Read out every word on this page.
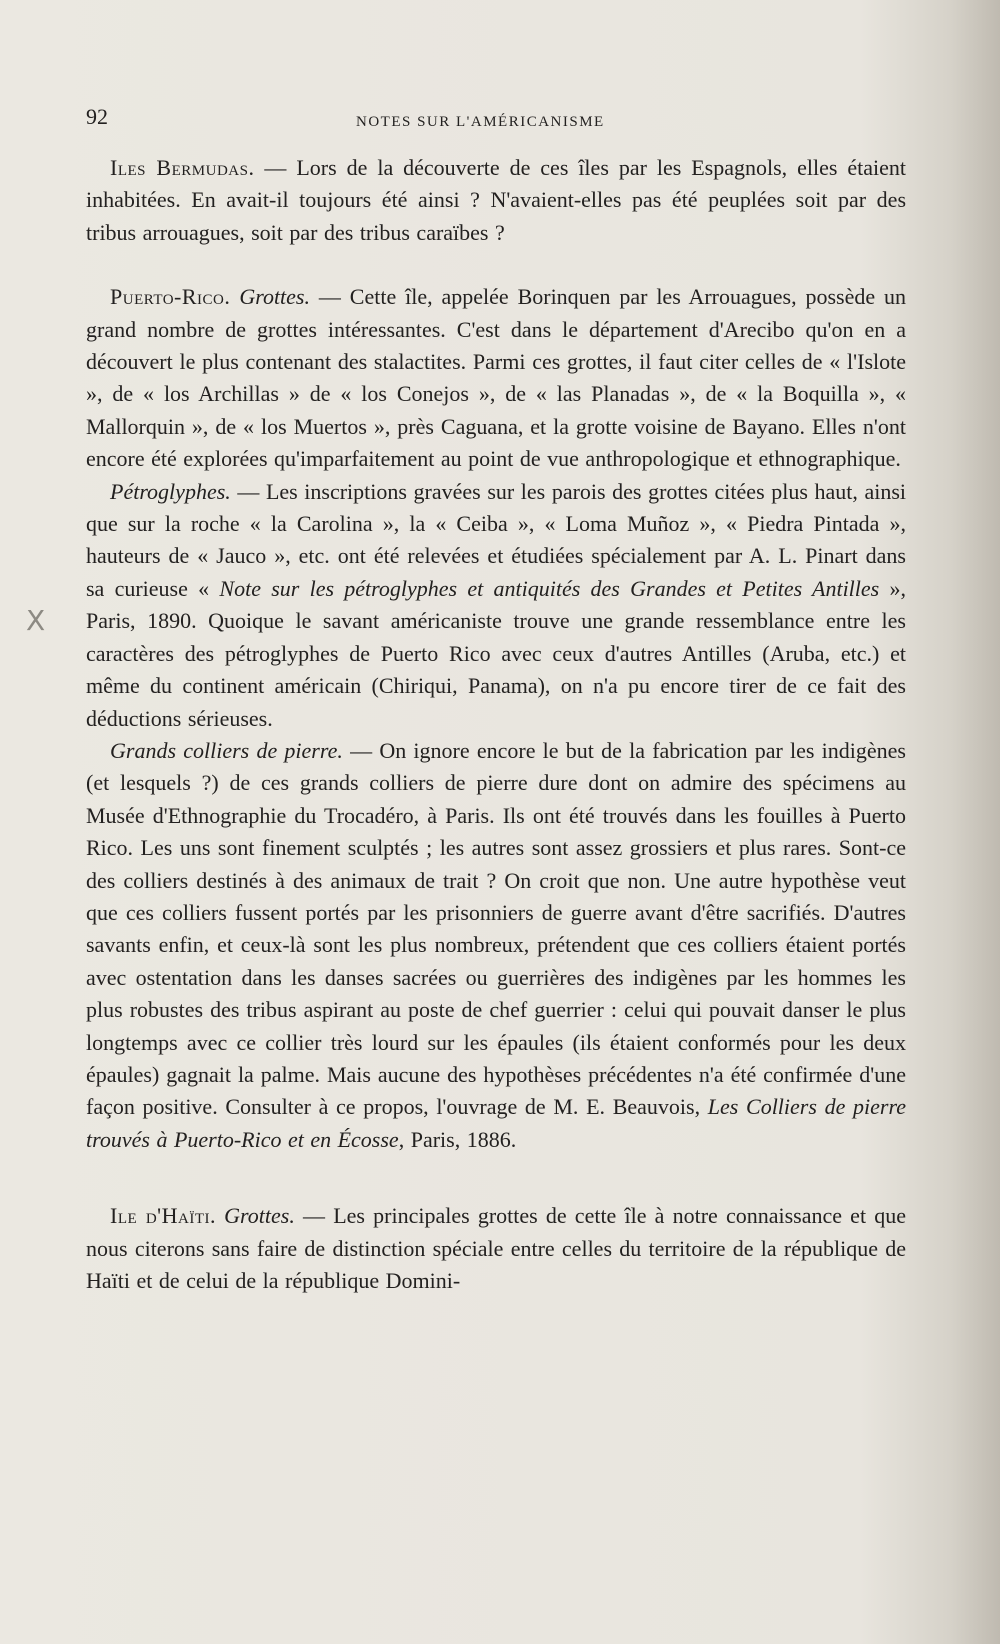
92	NOTES SUR L'AMÉRICANISME
X

Iles Bermudas. — Lors de la découverte de ces îles par les Espagnols, elles étaient inhabitées. En avait-il toujours été ainsi ? N'avaient-elles pas été peuplées soit par des tribus arrouagues, soit par des tribus caraïbes ?

Puerto-Rico. Grottes. — Cette île, appelée Borinquen par les Arrouagues, possède un grand nombre de grottes intéressantes. C'est dans le département d'Arecibo qu'on en a découvert le plus contenant des stalactites. Parmi ces grottes, il faut citer celles de « l'Islote », de « los Archillas » de « los Conejos », de « las Planadas », de « la Boquilla », « Mallorquin », de « los Muertos », près Caguana, et la grotte voisine de Bayano. Elles n'ont encore été explorées qu'imparfaitement au point de vue anthropologique et ethnographique.

Pétroglyphes. — Les inscriptions gravées sur les parois des grottes citées plus haut, ainsi que sur la roche « la Carolina », la « Ceiba », « Loma Muñoz », « Piedra Pintada », hauteurs de « Jauco », etc. ont été relevées et étudiées spécialement par A. L. Pinart dans sa curieuse « Note sur les pétroglyphes et antiquités des Grandes et Petites Antilles », Paris, 1890. Quoique le savant américaniste trouve une grande ressemblance entre les caractères des pétroglyphes de Puerto Rico avec ceux d'autres Antilles (Aruba, etc.) et même du continent américain (Chiriqui, Panama), on n'a pu encore tirer de ce fait des déductions sérieuses.

Grands colliers de pierre. — On ignore encore le but de la fabrication par les indigènes (et lesquels ?) de ces grands colliers de pierre dure dont on admire des spécimens au Musée d'Ethnographie du Trocadéro, à Paris. Ils ont été trouvés dans les fouilles à Puerto Rico. Les uns sont finement sculptés ; les autres sont assez grossiers et plus rares. Sont-ce des colliers destinés à des animaux de trait ? On croit que non. Une autre hypothèse veut que ces colliers fussent portés par les prisonniers de guerre avant d'être sacrifiés. D'autres savants enfin, et ceux-là sont les plus nombreux, prétendent que ces colliers étaient portés avec ostentation dans les danses sacrées ou guerrières des indigènes par les hommes les plus robustes des tribus aspirant au poste de chef guerrier : celui qui pouvait danser le plus longtemps avec ce collier très lourd sur les épaules (ils étaient conformés pour les deux épaules) gagnait la palme. Mais aucune des hypothèses précédentes n'a été confirmée d'une façon positive. Consulter à ce propos, l'ouvrage de M. E. Beauvois, Les Colliers de pierre trouvés à Puerto-Rico et en Écosse, Paris, 1886.

Ile d'Haïti. Grottes. — Les principales grottes de cette île à notre connaissance et que nous citerons sans faire de distinction spéciale entre celles du territoire de la république de Haïti et de celui de la république Domini-
